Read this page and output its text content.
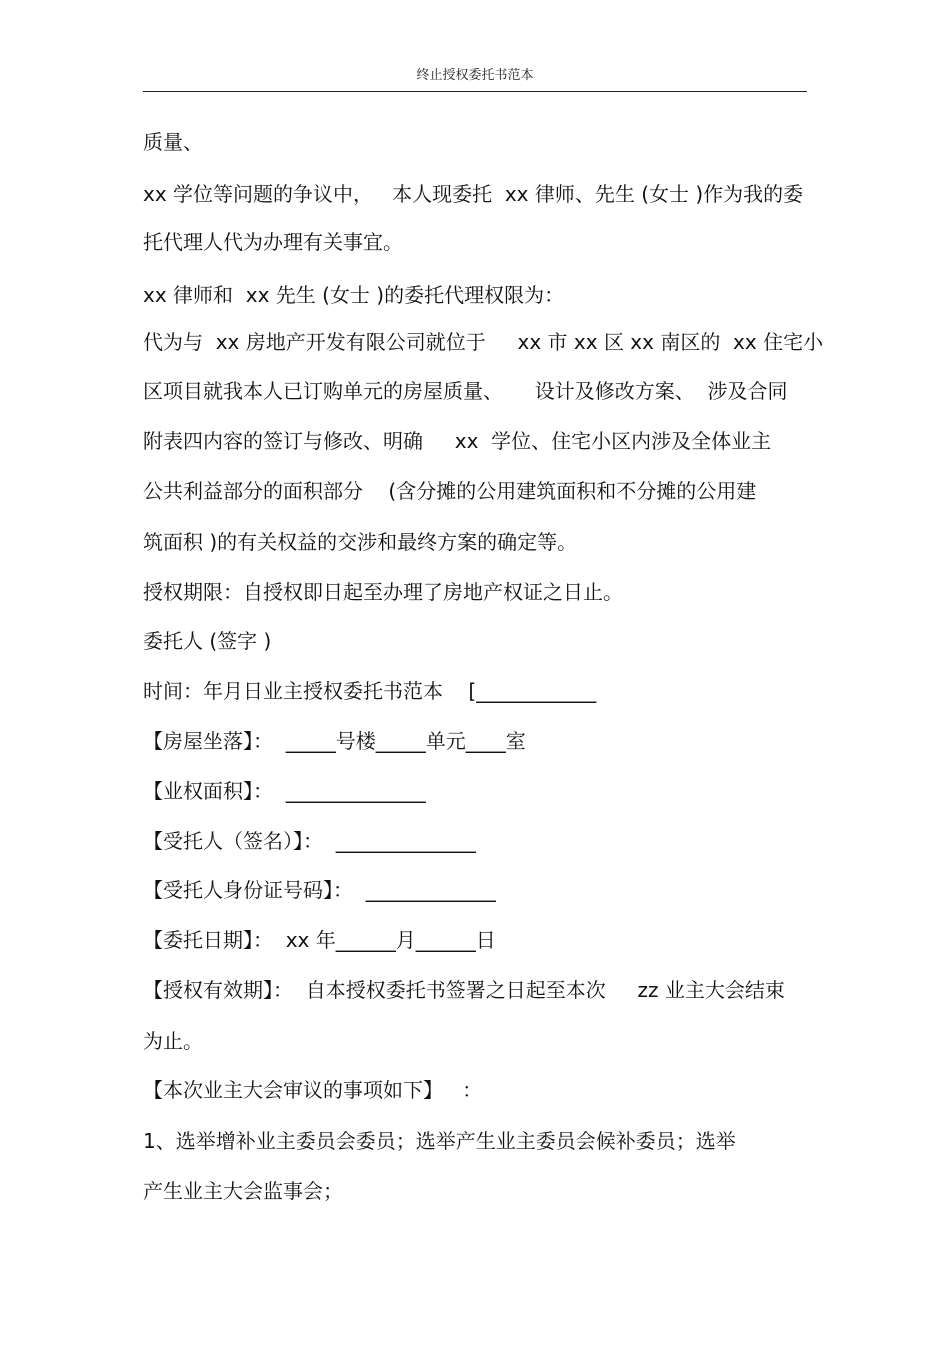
终止授权委托书范本
质量、
xx 学位等问题的争议中，   本人现委托  xx 律师、先生 (女士 )作为我的委
托代理人代为办理有关事宜。
xx 律师和  xx 先生 (女士 )的委托代理权限为：
代为与  xx 房地产开发有限公司就位于     xx 市 xx 区 xx 南区的  xx 住宅小
区项目就我本人已订购单元的房屋质量、     设计及修改方案、  涉及合同
附表四内容的签订与修改、明确     xx  学位、住宅小区内涉及全体业主
公共利益部分的面积部分    (含分摊的公用建筑面积和不分摊的公用建
筑面积 )的有关权益的交涉和最终方案的确定等。
授权期限：自授权即日起至办理了房地产权证之日止。
委托人 (签字 )
时间：年月日业主授权委托书范本    [____________
【房屋坐落】：  _____号楼_____单元____室
【业权面积】：  ______________
【受托人（签名）】：  ______________
【受托人身份证号码】：  _____________
【委托日期】：  xx 年______月______日
【授权有效期】：  自本授权委托书签署之日起至本次     zz 业主大会结束
为止。
【本次业主大会审议的事项如下】   ：
1、选举增补业主委员会委员；选举产生业主委员会候补委员；选举
产生业主大会监事会；
